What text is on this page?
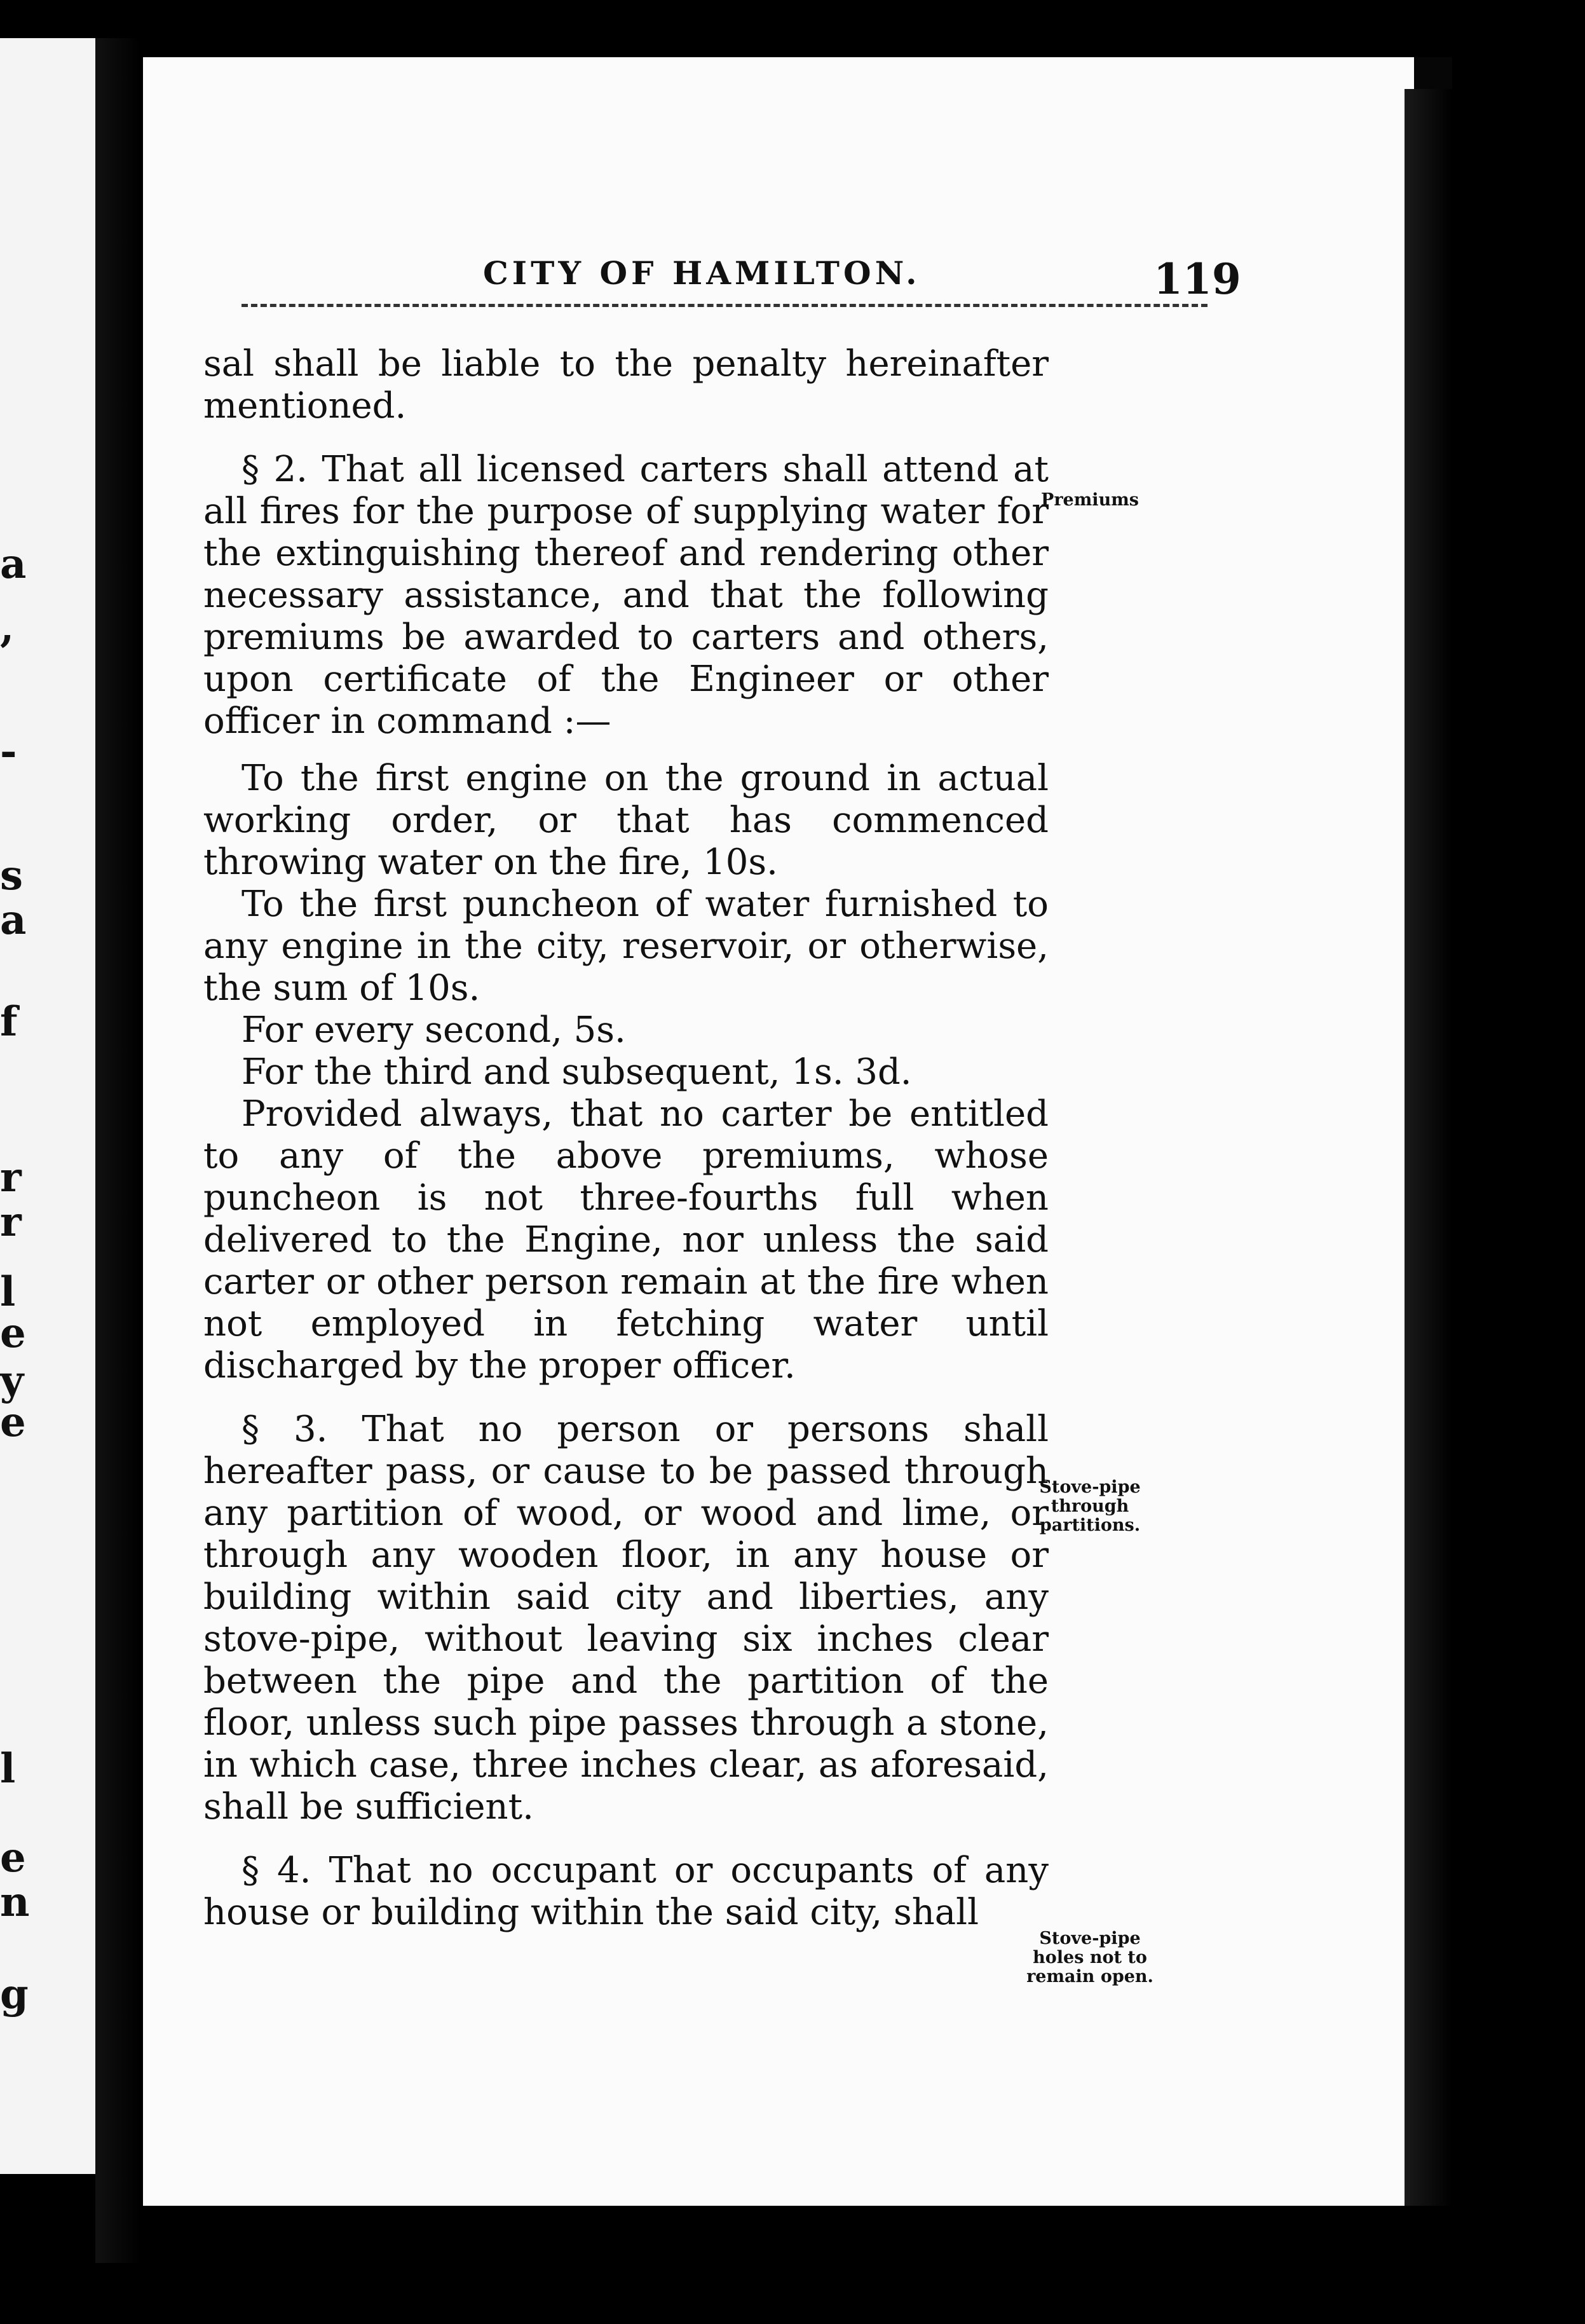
a
,
-
s
a
f
r
r
l
e
y
e
l
e
n
g
CITY OF HAMILTON.	119

sal shall be liable to the penalty hereinafter mentioned.

§ 2. That all licensed carters shall attend at all fires for the purpose of supplying water for the extinguishing thereof and rendering other necessary assistance, and that the following premiums be awarded to carters and others, upon certificate of the Engineer or other officer in command :—

To the first engine on the ground in actual working order, or that has commenced throwing water on the fire, 10s.

To the first puncheon of water furnished to any engine in the city, reservoir, or otherwise, the sum of 10s.

For every second, 5s.

For the third and subsequent, 1s. 3d.

Provided always, that no carter be entitled to any of the above premiums, whose puncheon is not three-fourths full when delivered to the Engine, nor unless the said carter or other person remain at the fire when not employed in fetching water until discharged by the proper officer.

§ 3. That no person or persons shall hereafter pass, or cause to be passed through any partition of wood, or wood and lime, or through any wooden floor, in any house or building within said city and liberties, any stove-pipe, without leaving six inches clear between the pipe and the partition of the floor, unless such pipe passes through a stone, in which case, three inches clear, as aforesaid, shall be sufficient.

§ 4. That no occupant or occupants of any house or building within the said city, shall

Premiums
Stove-pipe through partitions.
Stove-pipe holes not to remain open.
